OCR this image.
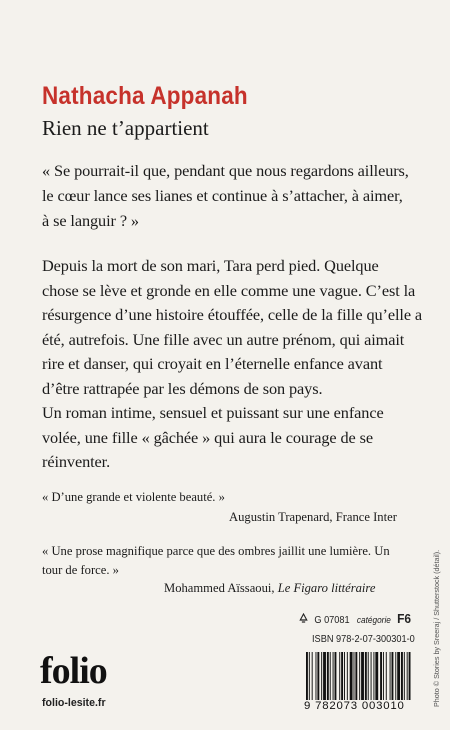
Nathacha Appanah
Rien ne t’appartient
« Se pourrait-il que, pendant que nous regardons ailleurs,
le cœur lance ses lianes et continue à s’attacher, à aimer,
à se languir ? »
Depuis la mort de son mari, Tara perd pied. Quelque
chose se lève et gronde en elle comme une vague. C’est la
résurgence d’une histoire étouffée, celle de la fille qu’elle a
été, autrefois. Une fille avec un autre prénom, qui aimait
rire et danser, qui croyait en l’éternelle enfance avant
d’être rattrapée par les démons de son pays.
Un roman intime, sensuel et puissant sur une enfance
volée, une fille « gâchée » qui aura le courage de se
réinventer.
« D’une grande et violente beauté. »
Augustin Trapenard, France Inter
« Une prose magnifique parce que des ombres jaillit une lumière. Un
tour de force. »
Mohammed Aïssaoui, Le Figaro littéraire	Photo © Stories by Sreeraj / Shutterstock (détail).
G 07081 catégorie F6
ISBN 978-2-07-300301-0
9 782073 003010
folio
folio-lesite.fr
